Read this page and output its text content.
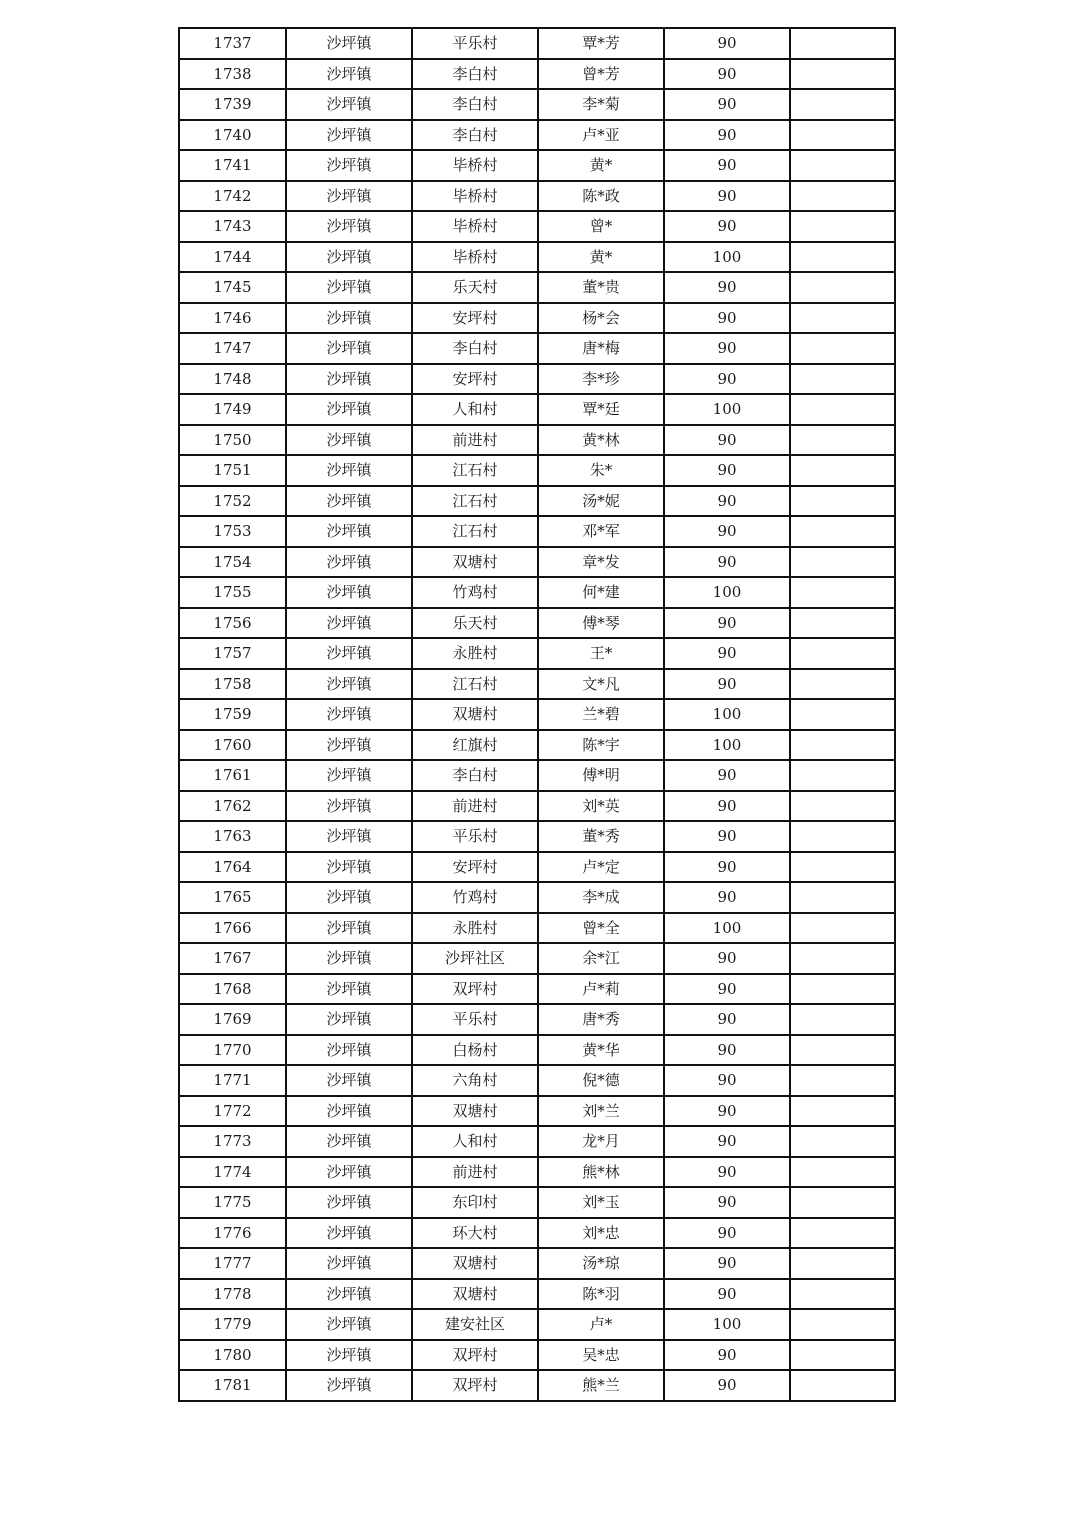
1737	沙坪镇	平乐村	覃*芳	90	
1738	沙坪镇	李白村	曾*芳	90	
1739	沙坪镇	李白村	李*菊	90	
1740	沙坪镇	李白村	卢*亚	90	
1741	沙坪镇	毕桥村	黄*	90	
1742	沙坪镇	毕桥村	陈*政	90	
1743	沙坪镇	毕桥村	曾*	90	
1744	沙坪镇	毕桥村	黄*	100	
1745	沙坪镇	乐天村	董*贵	90	
1746	沙坪镇	安坪村	杨*会	90	
1747	沙坪镇	李白村	唐*梅	90	
1748	沙坪镇	安坪村	李*珍	90	
1749	沙坪镇	人和村	覃*廷	100	
1750	沙坪镇	前进村	黄*林	90	
1751	沙坪镇	江石村	朱*	90	
1752	沙坪镇	江石村	汤*妮	90	
1753	沙坪镇	江石村	邓*军	90	
1754	沙坪镇	双塘村	章*发	90	
1755	沙坪镇	竹鸡村	何*建	100	
1756	沙坪镇	乐天村	傅*琴	90	
1757	沙坪镇	永胜村	王*	90	
1758	沙坪镇	江石村	文*凡	90	
1759	沙坪镇	双塘村	兰*碧	100	
1760	沙坪镇	红旗村	陈*宇	100	
1761	沙坪镇	李白村	傅*明	90	
1762	沙坪镇	前进村	刘*英	90	
1763	沙坪镇	平乐村	董*秀	90	
1764	沙坪镇	安坪村	卢*定	90	
1765	沙坪镇	竹鸡村	李*成	90	
1766	沙坪镇	永胜村	曾*全	100	
1767	沙坪镇	沙坪社区	余*江	90	
1768	沙坪镇	双坪村	卢*莉	90	
1769	沙坪镇	平乐村	唐*秀	90	
1770	沙坪镇	白杨村	黄*华	90	
1771	沙坪镇	六角村	倪*德	90	
1772	沙坪镇	双塘村	刘*兰	90	
1773	沙坪镇	人和村	龙*月	90	
1774	沙坪镇	前进村	熊*林	90	
1775	沙坪镇	东印村	刘*玉	90	
1776	沙坪镇	环大村	刘*忠	90	
1777	沙坪镇	双塘村	汤*琼	90	
1778	沙坪镇	双塘村	陈*羽	90	
1779	沙坪镇	建安社区	卢*	100	
1780	沙坪镇	双坪村	吴*忠	90	
1781	沙坪镇	双坪村	熊*兰	90	
